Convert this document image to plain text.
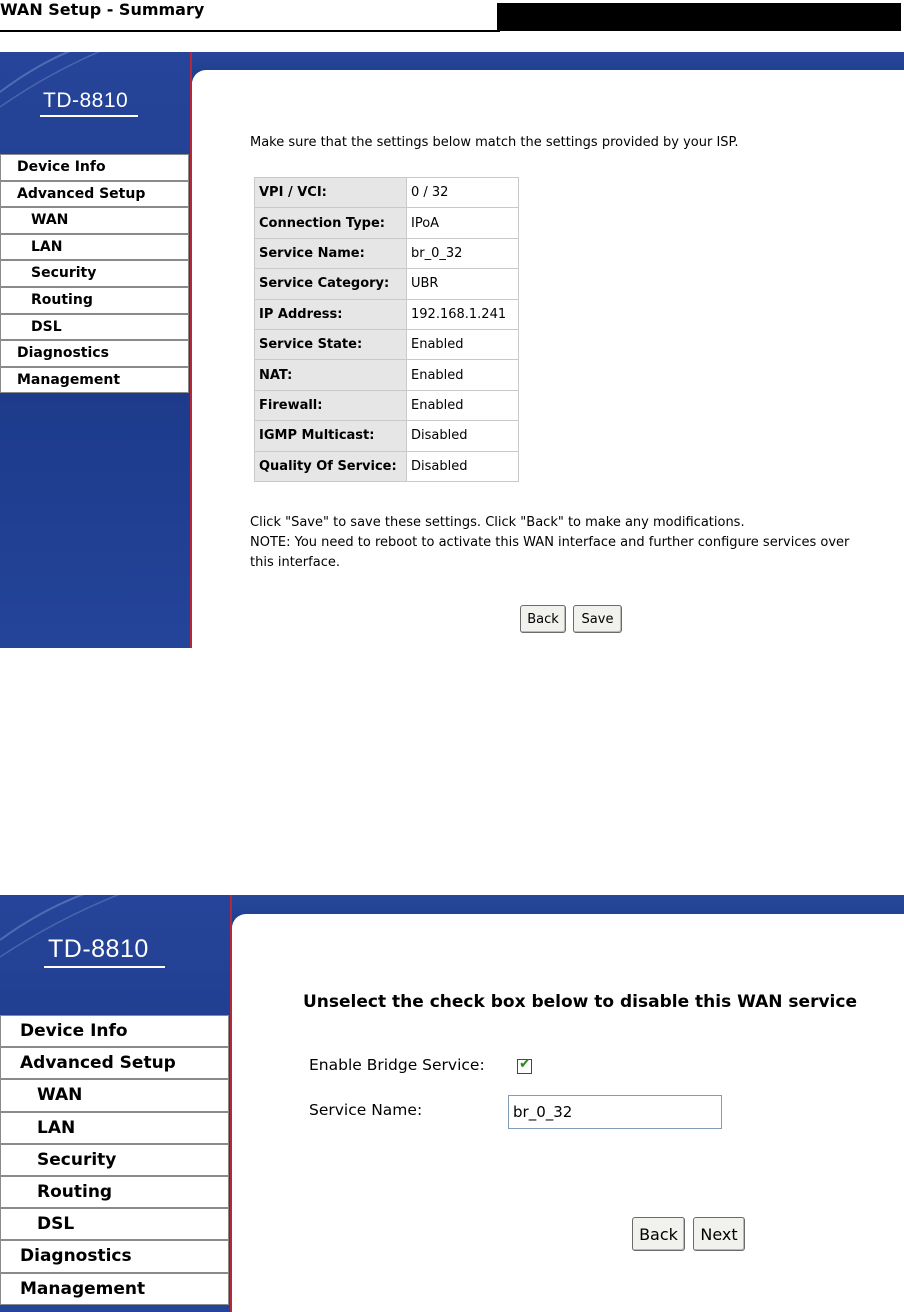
TD-8810
Device Info
Advanced Setup
WAN
LAN
Security
Routing
DSL
Diagnostics
Management
WAN Setup - Summary
Make sure that the settings below match the settings provided by your ISP.
VPI / VCI:	0 / 32
Connection Type:	IPoA
Service Name:	br_0_32
Service Category:	UBR
IP Address:	192.168.1.241
Service State:	Enabled
NAT:	Enabled
Firewall:	Enabled
IGMP Multicast:	Disabled
Quality Of Service:	Disabled
Click "Save" to save these settings. Click "Back" to make any modifications.
NOTE: You need to reboot to activate this WAN interface and further configure services over this interface.
Back	Save
TD-8810
Device Info
Advanced Setup
WAN
LAN
Security
Routing
DSL
Diagnostics
Management
Unselect the check box below to disable this WAN service
Enable Bridge Service: ✔
Service Name:
br_0_32
Back	Next
